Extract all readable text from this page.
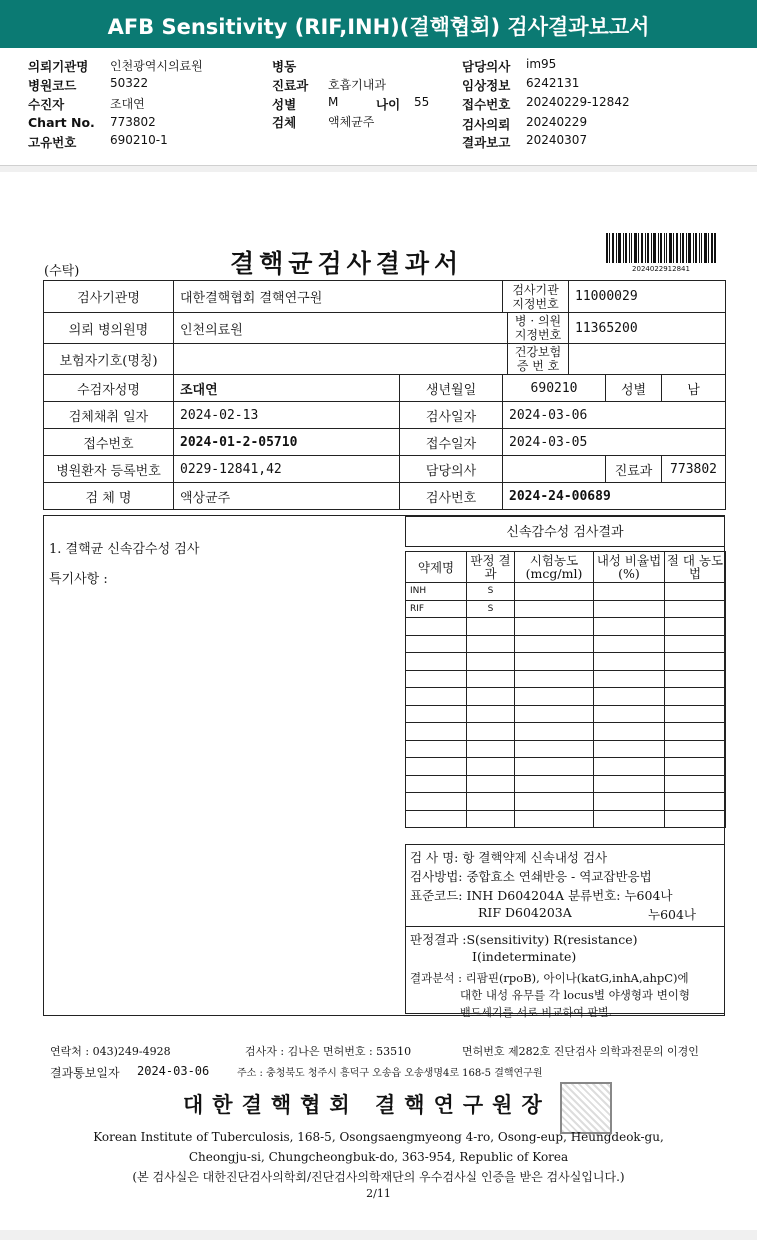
AFB Sensitivity (RIF,INH)(결핵협회) 검사결과보고서
의뢰기관명 인천광역시의료원
병원코드	50322
수진자	조대연
Chart No. 773802
고유번호	690210-1
병동
진료과 호흡기내과
성별	M	나이 55
검체	액체균주
담당의사 im95
임상정보 6242131
접수번호 20240229-12842
검사의뢰 20240229
결과보고 20240307
(수탁)	결핵균검사결과서	20240229128​41
검사기관명	대한결핵협회 결핵연구원		검사기관 지정번호		11000029		
의뢰 병의원명	인천의료원			병 · 의원 지정번호	11365200		
보험자기호(명칭)				건강보험 증 번 호			
수검자성명	조대연	생년월일	690210			성별	남
검체채취 일자	2024-02-13	검사일자	2024-03-06				
접수번호	2024-01-2-05710	접수일자	2024-03-05				
병원환자 등록번호	0229-12841,42	담당의사				진료과	773802
검 체 명	액상균주	검사번호	2024-24-00689				
1. 결핵균 신속감수성 검사
특기사항 :
신속감수성 검사결과
약제명	판정 결과	시험농도 (mcg/ml)	내성 비율법(%)	절 대 농도법
INH	S			
RIF	S			

검 사 명: 항 결핵약제 신속내성 검사
검사방법: 중합효소 연쇄반응 - 역교잡반응법
표준코드: INH D604204A 분류번호: 누604나
RIF D604203A	누604나
판정결과 :S(sensitivity) R(resistance)
I(indeterminate)
결과분석 : 리팜핀(rpoB), 아이나(katG,inhA,ahpC)에
대한 내성 유무를 각 locus별 야생형과 변이형
밴드세기를 서로 비교하여 판별.
연락처 : 043)249-4928	검사자 : 김나은 면허번호 : 53510	면허번호 제282호 진단검사 의학과전문의 이경인
결과통보일자 2024-03-06	주소 : 충청북도 청주시 흥덕구 오송읍 오송생명4로 168-5 결핵연구원
대한결핵협회 결핵연구원장
Korean Institute of Tuberculosis, 168-5, Osongsaengmyeong 4-ro, Osong-eup, Heungdeok-gu,
Cheongju-si, Chungcheongbuk-do, 363-954, Republic of Korea
(본 검사실은 대한진단검사의학회/진단검사의학재단의 우수검사실 인증을 받은 검사실입니다.)
2/11
